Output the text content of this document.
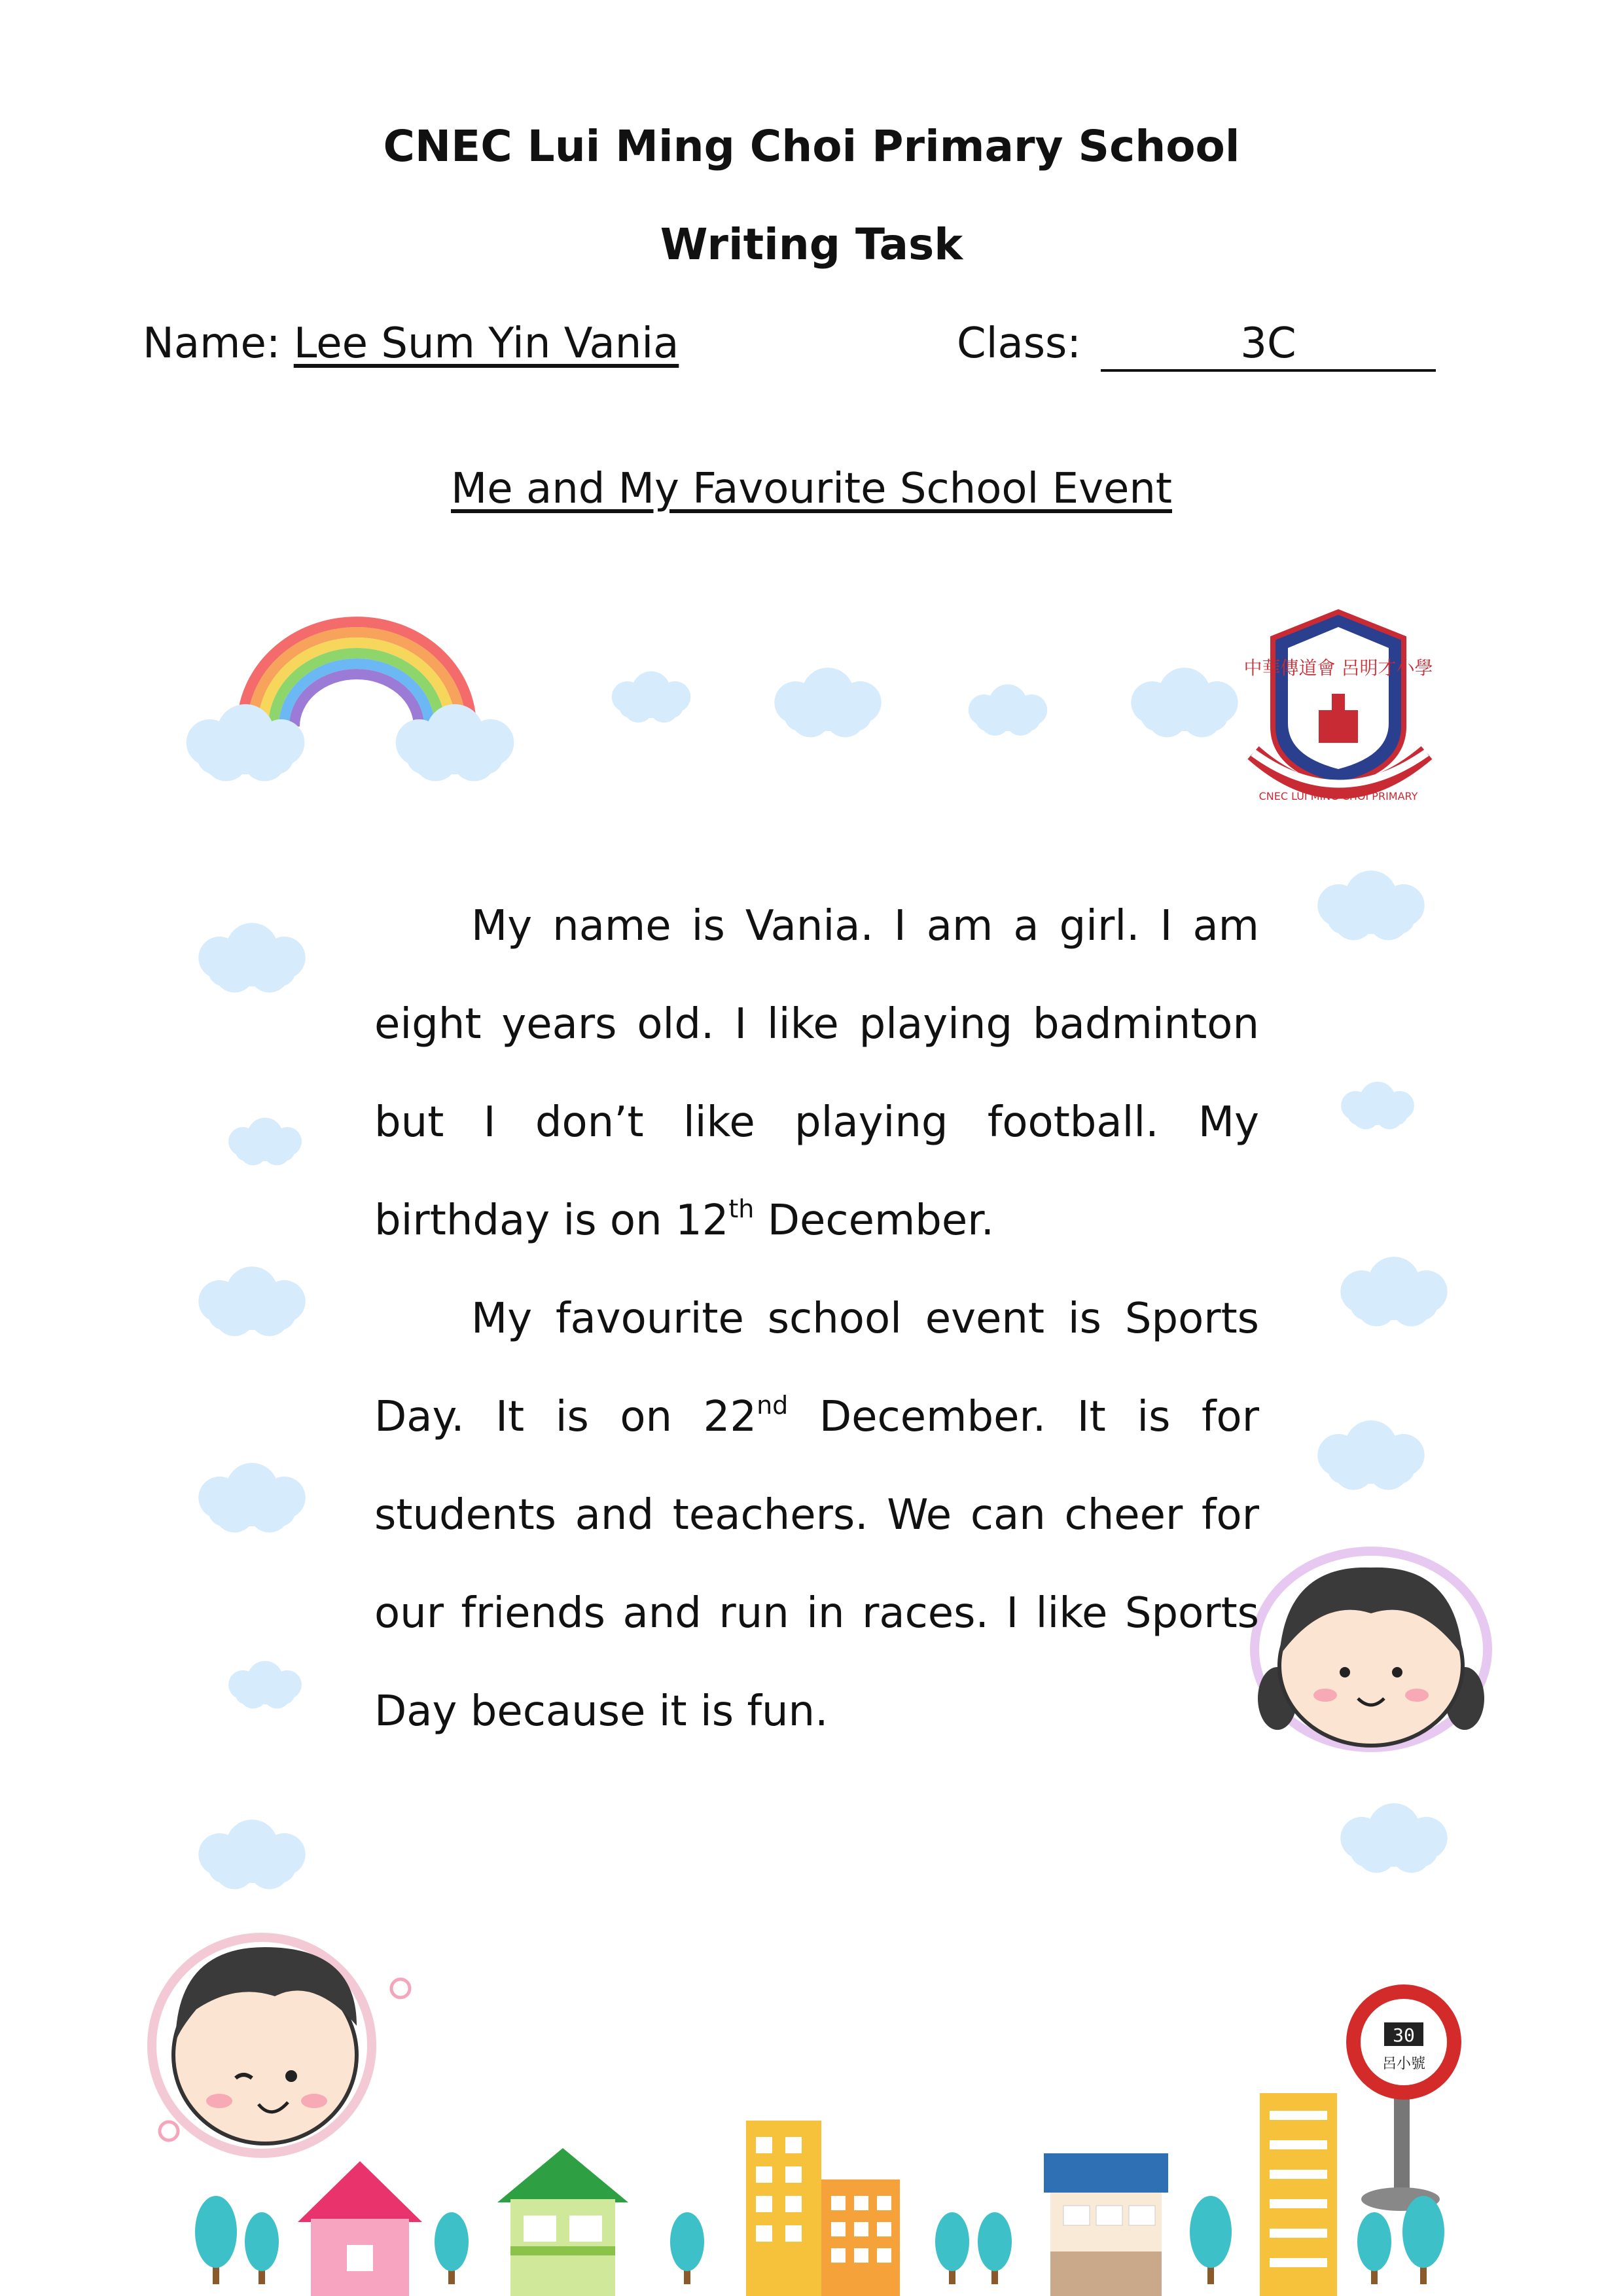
CNEC Lui Ming Choi Primary School
Writing Task
Name: Lee Sum Yin Vania	Class:	3C
Me and My Favourite School Event
中華傳道會 呂明才小學
CNEC LUI MING CHOI PRIMARY
30
呂小號

My name is Vania. I am a girl. I am eight years old. I like playing badminton but I don’t like playing football. My birthday is on 12th December.

My favourite school event is Sports Day. It is on 22nd December. It is for students and teachers. We can cheer for our friends and run in races. I like Sports Day because it is fun.
